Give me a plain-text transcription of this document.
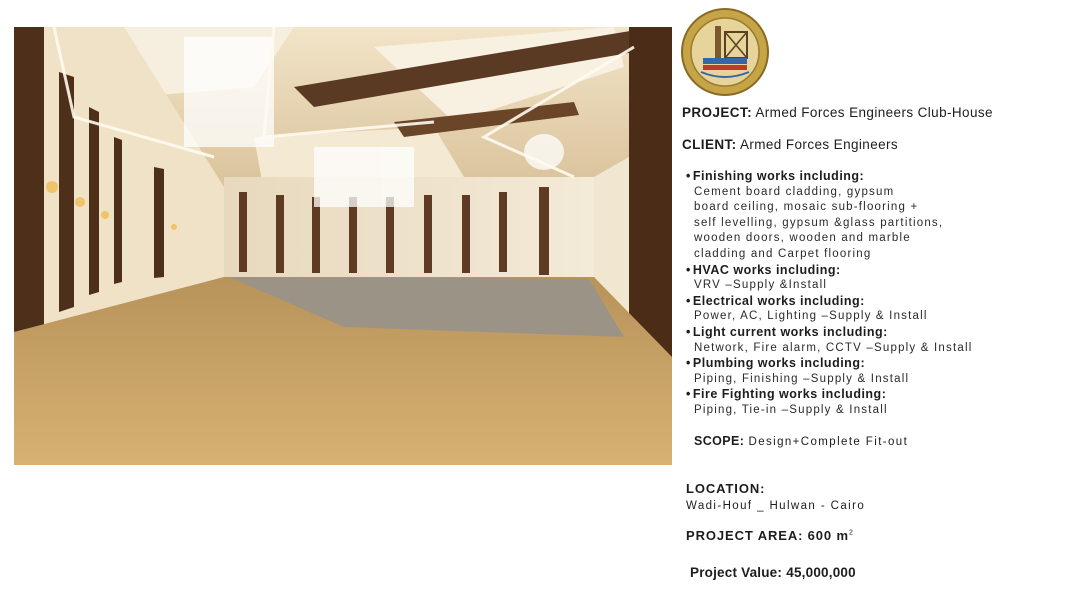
PROJECT: Armed Forces Engineers Club-House
CLIENT: Armed Forces Engineers
• Finishing works including:
Cement board cladding, gypsum
board ceiling, mosaic sub-flooring +
self levelling, gypsum &glass partitions,
wooden doors, wooden and marble
cladding and Carpet flooring
• HVAC works including:
VRV –Supply &Install
• Electrical works including:
Power, AC, Lighting –Supply & Install
• Light current works including:
Network, Fire alarm, CCTV –Supply & Install
• Plumbing works including:
Piping, Finishing –Supply & Install
• Fire Fighting works including:
Piping, Tie-in –Supply & Install
SCOPE: Design+Complete Fit-out
LOCATION:
Wadi-Houf _ Hulwan - Cairo
PROJECT AREA: 600 $m^2$
Project Value: 45,000,000
